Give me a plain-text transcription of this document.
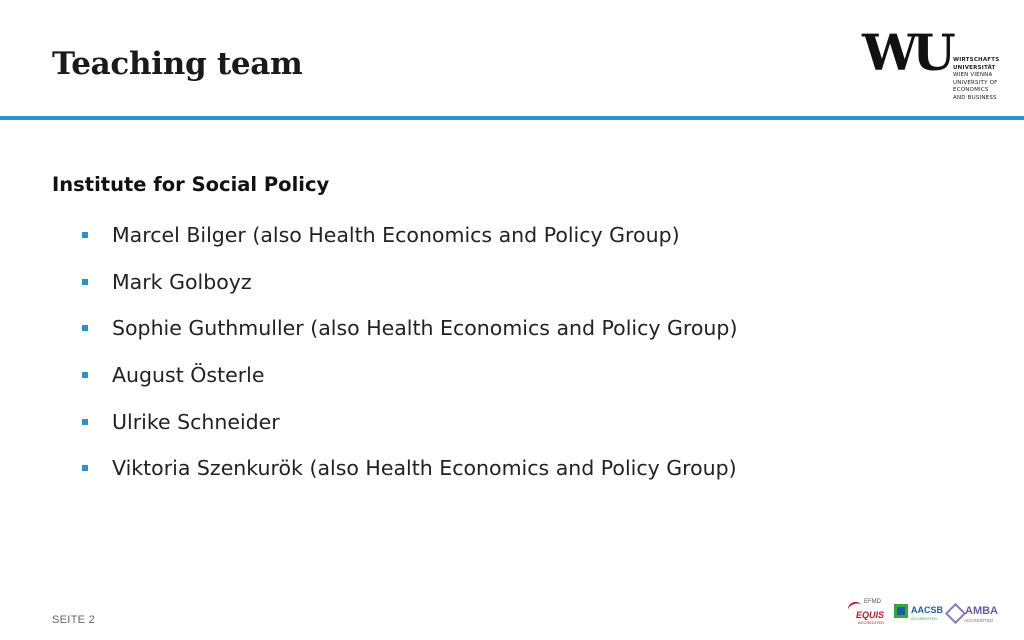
Teaching team	WU WIRTSCHAFTS
UNIVERSITÄT
WIEN VIENNA
UNIVERSITY OF
ECONOMICS
AND BUSINESS
Institute for Social Policy
Marcel Bilger (also Health Economics and Policy Group)
Mark Golboyz
Sophie Guthmuller (also Health Economics and Policy Group)
August Österle
Ulrike Schneider
Viktoria Szenkurök (also Health Economics and Policy Group)
SEITE 2
EFMD
EQUIS
ACCREDITED
AACSB
ACCREDITED
AMBA
ACCREDITED
